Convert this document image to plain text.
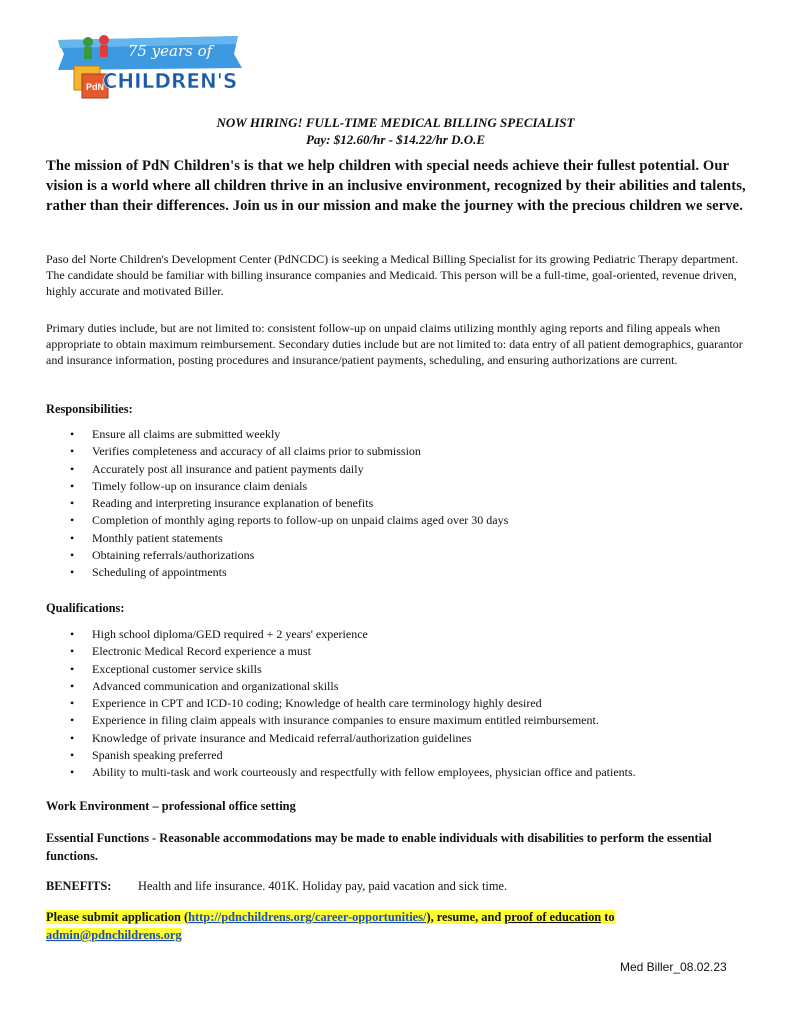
PdN
75 years of
CHILDREN'S
NOW HIRING! FULL-TIME MEDICAL BILLING SPECIALIST
Pay: $12.60/hr - $14.22/hr D.O.E
The mission of PdN Children's is that we help children with special needs achieve their fullest potential. Our vision is a world where all children thrive in an inclusive environment, recognized by their abilities and talents, rather than their differences. Join us in our mission and make the journey with the precious children we serve.
Paso del Norte Children's Development Center (PdNCDC) is seeking a Medical Billing Specialist for its growing Pediatric Therapy department. The candidate should be familiar with billing insurance companies and Medicaid. This person will be a full-time, goal-oriented, revenue driven, highly accurate and motivated Biller.
Primary duties include, but are not limited to: consistent follow-up on unpaid claims utilizing monthly aging reports and filing appeals when appropriate to obtain maximum reimbursement. Secondary duties include but are not limited to: data entry of all patient demographics, guarantor and insurance information, posting procedures and insurance/patient payments, scheduling, and ensuring authorizations are current.
Responsibilities:
• Ensure all claims are submitted weekly
• Verifies completeness and accuracy of all claims prior to submission
• Accurately post all insurance and patient payments daily
• Timely follow-up on insurance claim denials
• Reading and interpreting insurance explanation of benefits
• Completion of monthly aging reports to follow-up on unpaid claims aged over 30 days
• Monthly patient statements
• Obtaining referrals/authorizations
• Scheduling of appointments
Qualifications:
• High school diploma/GED required + 2 years' experience
• Electronic Medical Record experience a must
• Exceptional customer service skills
• Advanced communication and organizational skills
• Experience in CPT and ICD-10 coding; Knowledge of health care terminology highly desired
• Experience in filing claim appeals with insurance companies to ensure maximum entitled reimbursement.
• Knowledge of private insurance and Medicaid referral/authorization guidelines
• Spanish speaking preferred
• Ability to multi-task and work courteously and respectfully with fellow employees, physician office and patients.
Work Environment – professional office setting
Essential Functions - Reasonable accommodations may be made to enable individuals with disabilities to perform the essential functions.
BENEFITS: Health and life insurance. 401K. Holiday pay, paid vacation and sick time.
Please submit application (http://pdnchildrens.org/career-opportunities/), resume, and proof of education to
admin@pdnchildrens.org
Med Biller_08.02.23
